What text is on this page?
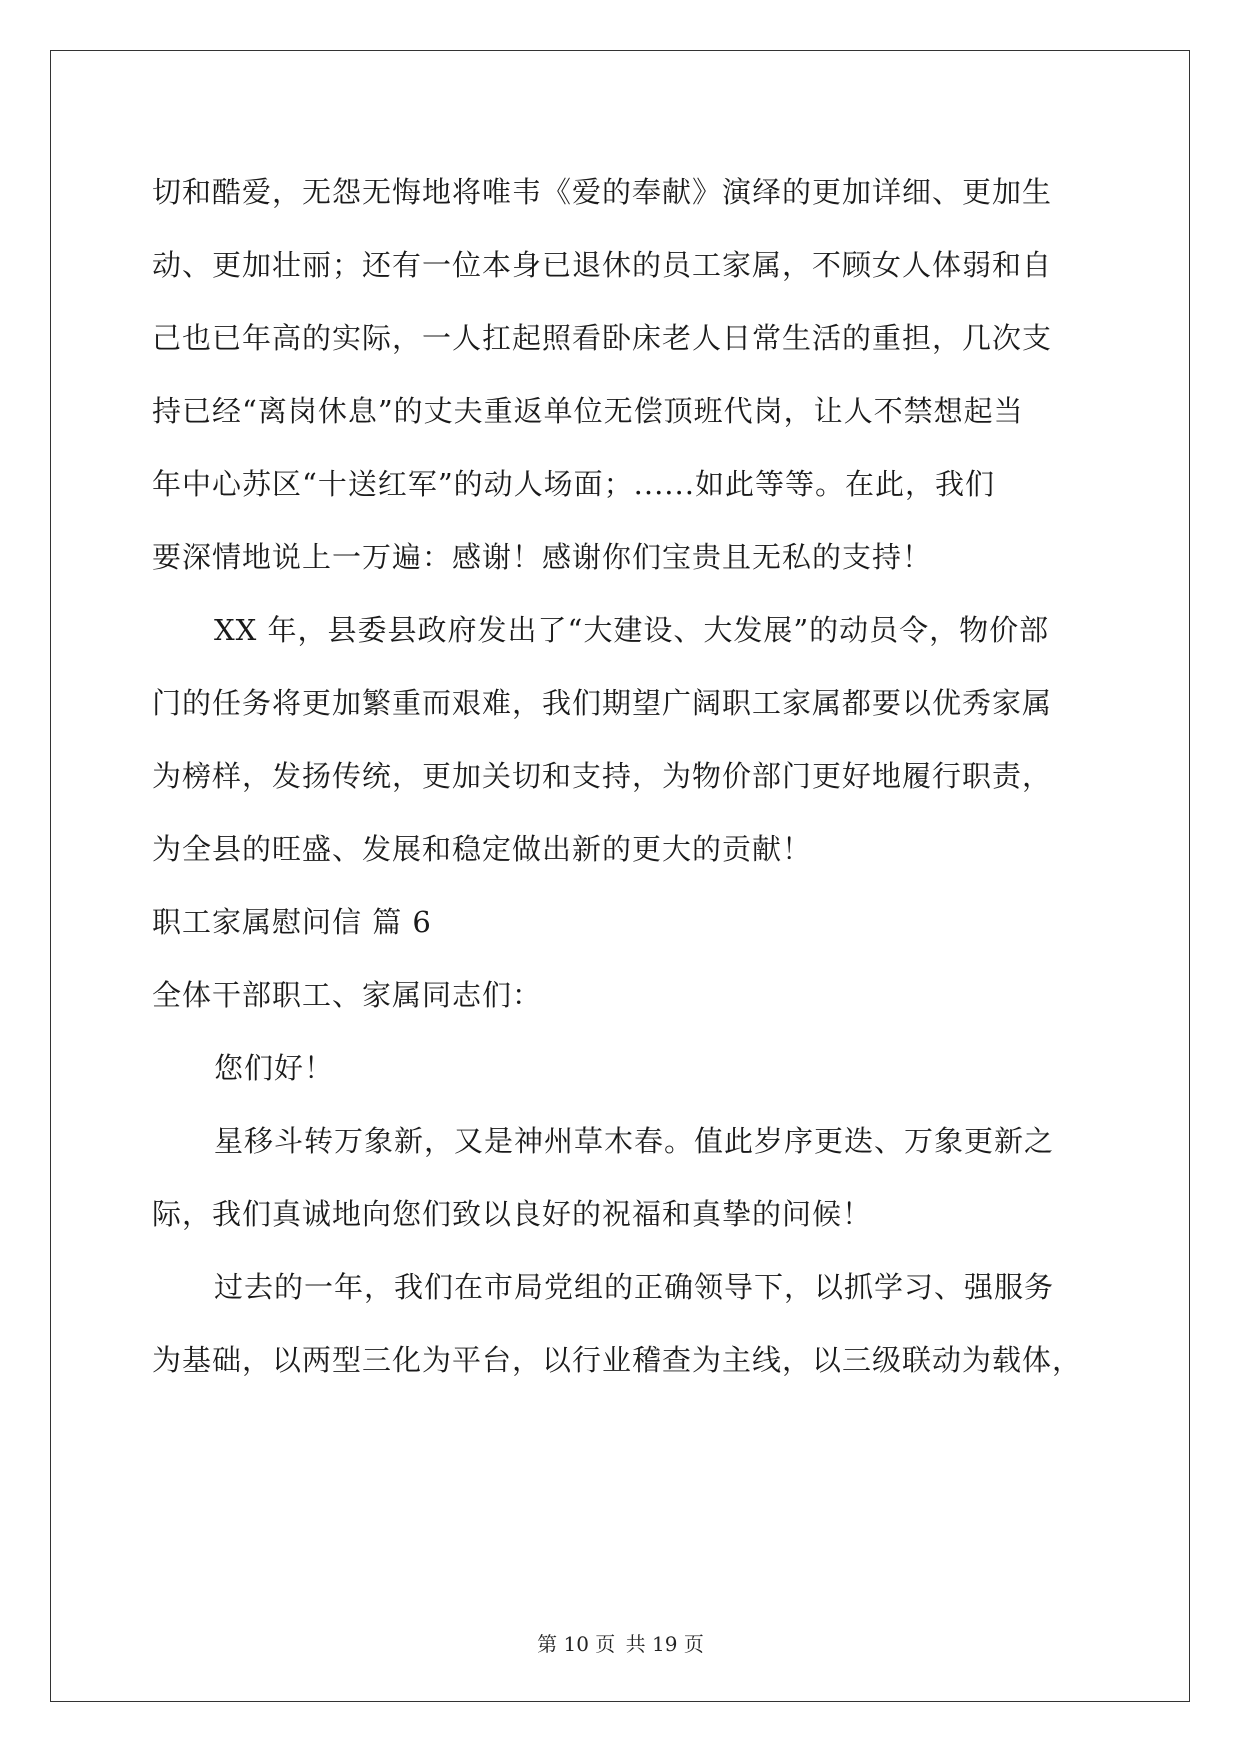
切和酷爱，无怨无悔地将唯韦《爱的奉献》演绎的更加详细、更加生
动、更加壮丽；还有一位本身已退休的员工家属，不顾女人体弱和自
己也已年高的实际，一人扛起照看卧床老人日常生活的重担，几次支
持已经“离岗休息”的丈夫重返单位无偿顶班代岗，让人不禁想起当
年中心苏区“十送红军”的动人场面；......如此等等。在此，我们
要深情地说上一万遍：感谢！感谢你们宝贵且无私的支持！
XX 年，县委县政府发出了“大建设、大发展”的动员令，物价部
门的任务将更加繁重而艰难，我们期望广阔职工家属都要以优秀家属
为榜样，发扬传统，更加关切和支持，为物价部门更好地履行职责，
为全县的旺盛、发展和稳定做出新的更大的贡献！
职工家属慰问信 篇 6
全体干部职工、家属同志们：
您们好！
星移斗转万象新，又是神州草木春。值此岁序更迭、万象更新之
际，我们真诚地向您们致以良好的祝福和真挚的问候！
过去的一年，我们在市局党组的正确领导下，以抓学习、强服务
为基础，以两型三化为平台，以行业稽查为主线，以三级联动为载体，
第 10 页 共 19 页
